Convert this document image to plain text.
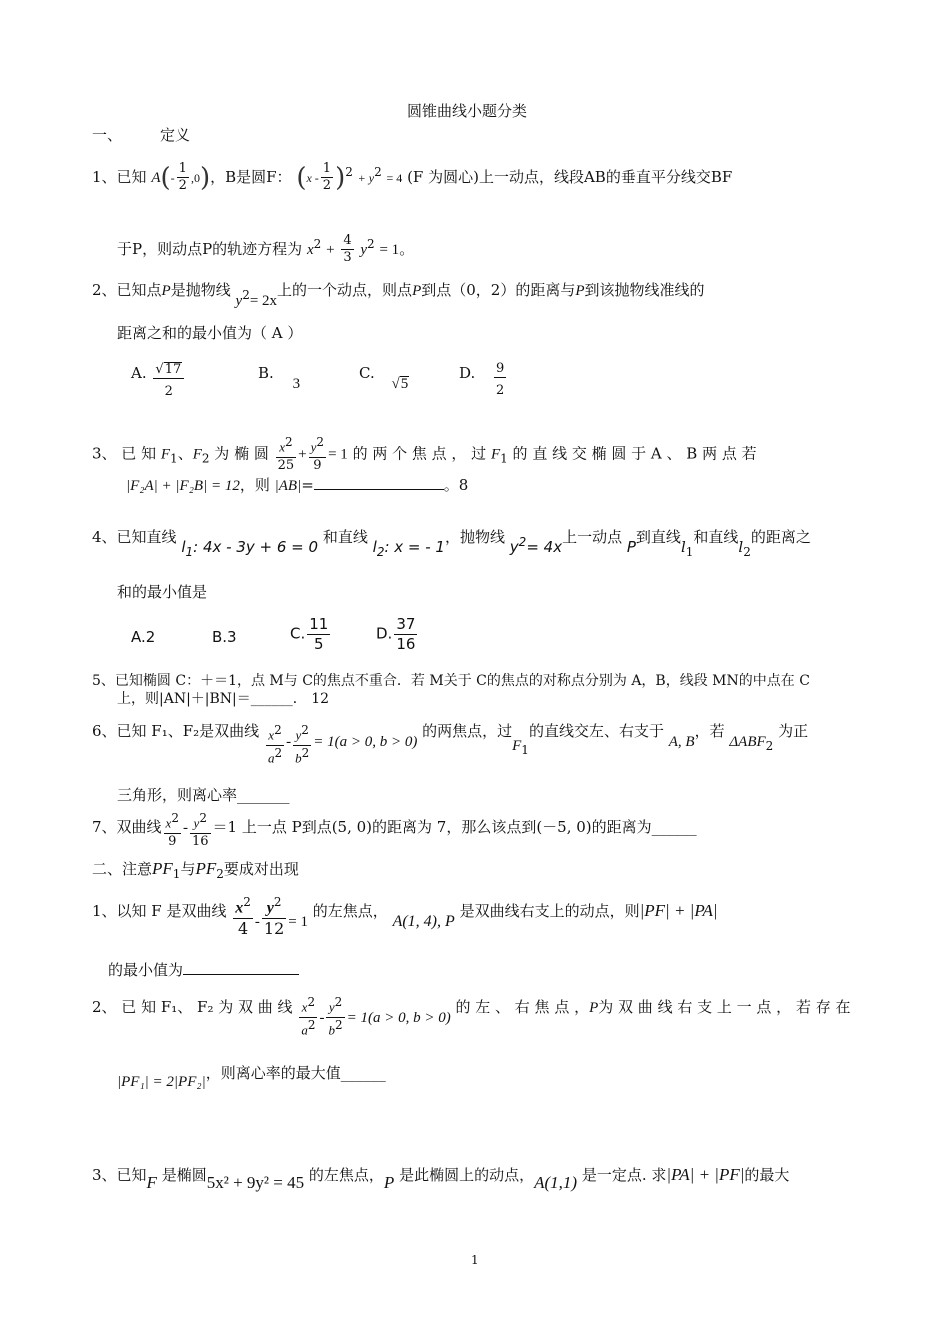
圆锥曲线小题分类
一、	定义
1、已知 $A(- \frac{1}{2} ,0)$，B是圆F： $(x - \frac{1}{2} )^2 + y^2 = 4$ (F 为圆心)上一动点，线段AB的垂直平分线交BF
于P，则动点P的轨迹方程为 $x^2 + \frac{4}{3} y^2 = 1$。
2、已知点P是抛物线 $y^2= 2x$上的一个动点，则点P到点（0，2）的距离与P到该抛物线准线的
距离之和的最小值为（ A ）
A. $\frac{√17}{2}$	B. 3
C. √5
D. $\frac{9}{2}$
3、 已 知 $F_1$、$F_2$ 为 椭 圆 $\frac{x^2}{25} + \frac{y^2}{9} = 1$ 的 两 个 焦 点 ， 过 $F_1$ 的 直 线 交 椭 圆 于 A 、 B 两 点 若
|F₂A| + |F₂B| = 12，则 |AB|=	。8
4、已知直线 $l_1$: 4x - 3y + 6 = 0 和直线 $l_2$: x = - 1，抛物线 $y^2= 4x$上一动点 P到直线$l_1$和直线$l_2$的距离之
和的最小值是
A.2	B.3	C. $\frac{11}{5}$	D. $\frac{37}{16}$
5、已知椭圆 C：＋＝1，点 M与 C的焦点不重合．若 M关于 C的焦点的对称点分别为 A，B，线段 MN的中点在 C
上，则|AN|＋|BN|＝______． 12
6、已知 F₁、F₂是双曲线 $\frac{x^2}{a^2} - \frac{y^2}{b^2} = 1(a > 0$, b > 0) 的两焦点，过$F_1$的直线交左、右支于 A, B，若 $\Delta ABF_2$ 为正
三角形，则离心率_______
7、双曲线 $\frac{x^2}{9} - \frac{y^2}{16} =1$ 上一点 P到点(5, 0)的距离为 7，那么该点到(－5, 0)的距离为______
二、注意$PF_1$与$PF_2$要成对出现
1、以知 F 是双曲线 $\frac{x^2}{4} - \frac{y^2}{12} = 1$ 的左焦点， A(1, 4), P 是双曲线右支上的动点，则|PF| + |PA|
的最小值为
2、 已 知 F₁、 F₂ 为 双 曲 线 $\frac{x^2}{a^2} - \frac{y^2}{b^2} = 1(a > 0$, b > 0) 的 左 、 右 焦 点 ，P为 双 曲 线 右 支 上 一 点 ， 若 存 在
|PF₁| = 2|PF₂|，则离心率的最大值______
3、已知F 是椭圆5x² + 9y² = 45 的左焦点，P 是此椭圆上的动点，A(1,1) 是一定点. 求|PA| + |PF|的最大
1
